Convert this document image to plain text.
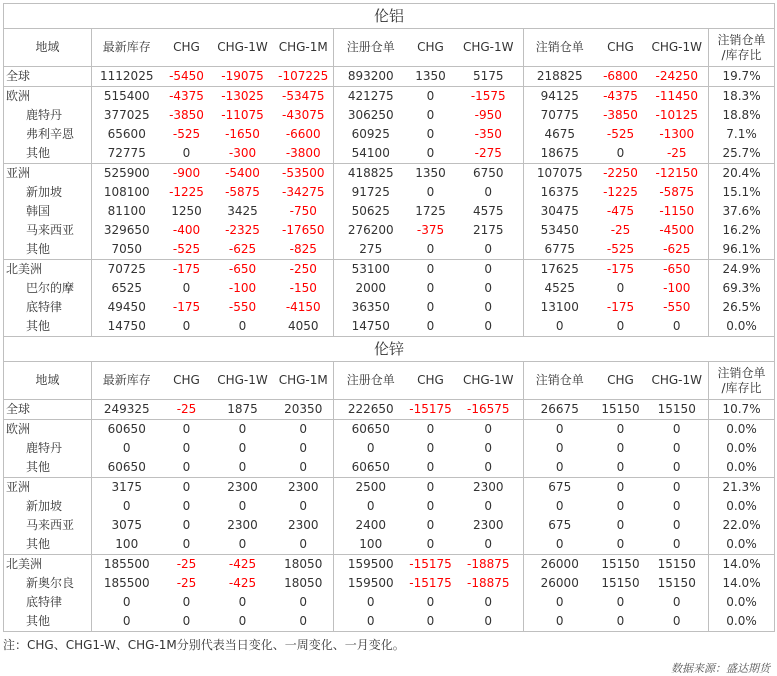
伦铝											
地域	最新库存	CHG	CHG-1W	CHG-1M	注册仓单	CHG	CHG-1W	注销仓单	CHG	CHG-1W	注销仓单
/库存比
全球	1112025	-5450	-19075	-107225	893200	1350	5175	218825	-6800	-24250	19.7%
欧洲	515400	-4375	-13025	-53475	421275	0	-1575	94125	-4375	-11450	18.3%
鹿特丹	377025	-3850	-11075	-43075	306250	0	-950	70775	-3850	-10125	18.8%
弗利辛恩	65600	-525	-1650	-6600	60925	0	-350	4675	-525	-1300	7.1%
其他	72775	0	-300	-3800	54100	0	-275	18675	0	-25	25.7%
亚洲	525900	-900	-5400	-53500	418825	1350	6750	107075	-2250	-12150	20.4%
新加坡	108100	-1225	-5875	-34275	91725	0	0	16375	-1225	-5875	15.1%
韩国	81100	1250	3425	-750	50625	1725	4575	30475	-475	-1150	37.6%
马来西亚	329650	-400	-2325	-17650	276200	-375	2175	53450	-25	-4500	16.2%
其他	7050	-525	-625	-825	275	0	0	6775	-525	-625	96.1%
北美洲	70725	-175	-650	-250	53100	0	0	17625	-175	-650	24.9%
巴尔的摩	6525	0	-100	-150	2000	0	0	4525	0	-100	69.3%
底特律	49450	-175	-550	-4150	36350	0	0	13100	-175	-550	26.5%
其他	14750	0	0	4050	14750	0	0	0	0	0	0.0%
伦锌											
地域	最新库存	CHG	CHG-1W	CHG-1M	注册仓单	CHG	CHG-1W	注销仓单	CHG	CHG-1W	注销仓单
/库存比
全球	249325	-25	1875	20350	222650	-15175	-16575	26675	15150	15150	10.7%
欧洲	60650	0	0	0	60650	0	0	0	0	0	0.0%
鹿特丹	0	0	0	0	0	0	0	0	0	0	0.0%
其他	60650	0	0	0	60650	0	0	0	0	0	0.0%
亚洲	3175	0	2300	2300	2500	0	2300	675	0	0	21.3%
新加坡	0	0	0	0	0	0	0	0	0	0	0.0%
马来西亚	3075	0	2300	2300	2400	0	2300	675	0	0	22.0%
其他	100	0	0	0	100	0	0	0	0	0	0.0%
北美洲	185500	-25	-425	18050	159500	-15175	-18875	26000	15150	15150	14.0%
新奥尔良	185500	-25	-425	18050	159500	-15175	-18875	26000	15150	15150	14.0%
底特律	0	0	0	0	0	0	0	0	0	0	0.0%
其他	0	0	0	0	0	0	0	0	0	0	0.0%
注：CHG、CHG1-W、CHG-1M分别代表当日变化、一周变化、一月变化。
数据来源：盛达期货
